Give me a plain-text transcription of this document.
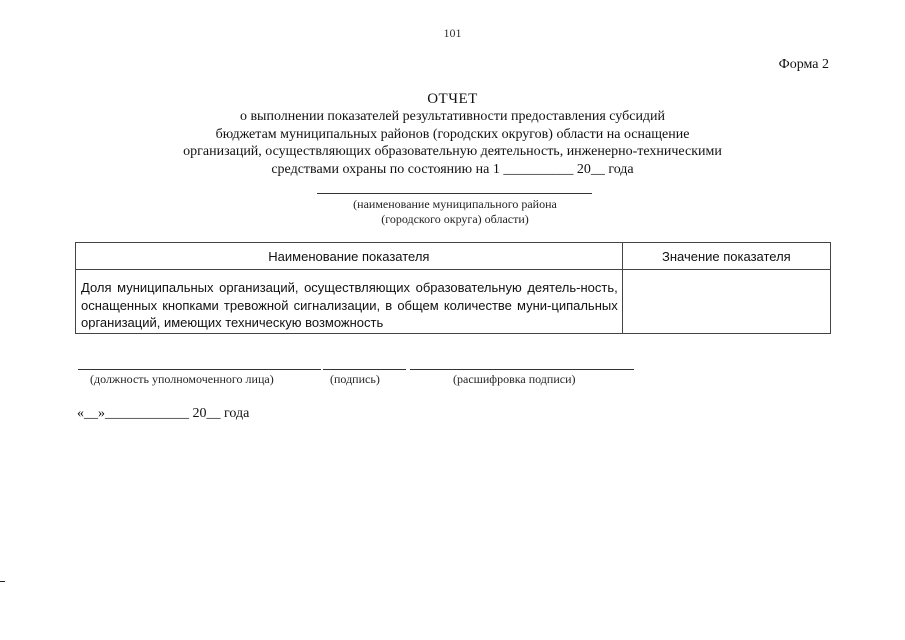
101
Форма 2
ОТЧЕТ
о выполнении показателей результативности предоставления субсидий
бюджетам муниципальных районов (городских округов) области на оснащение
организаций, осуществляющих образовательную деятельность, инженерно-техническими
средствами охраны по состоянию на 1 __________ 20__ года
(наименование муниципального района
(городского округа) области)
Наименование показателя	Значение показателя

Доля муниципальных организаций, осуществляющих образовательную деятель-ность, оснащенных кнопками тревожной сигнализации, в общем количестве муни-ципальных организаций, имеющих техническую возможность	

(должность уполномоченного лица)	(подпись)	(расшифровка подписи)
«__»____________ 20__ года
